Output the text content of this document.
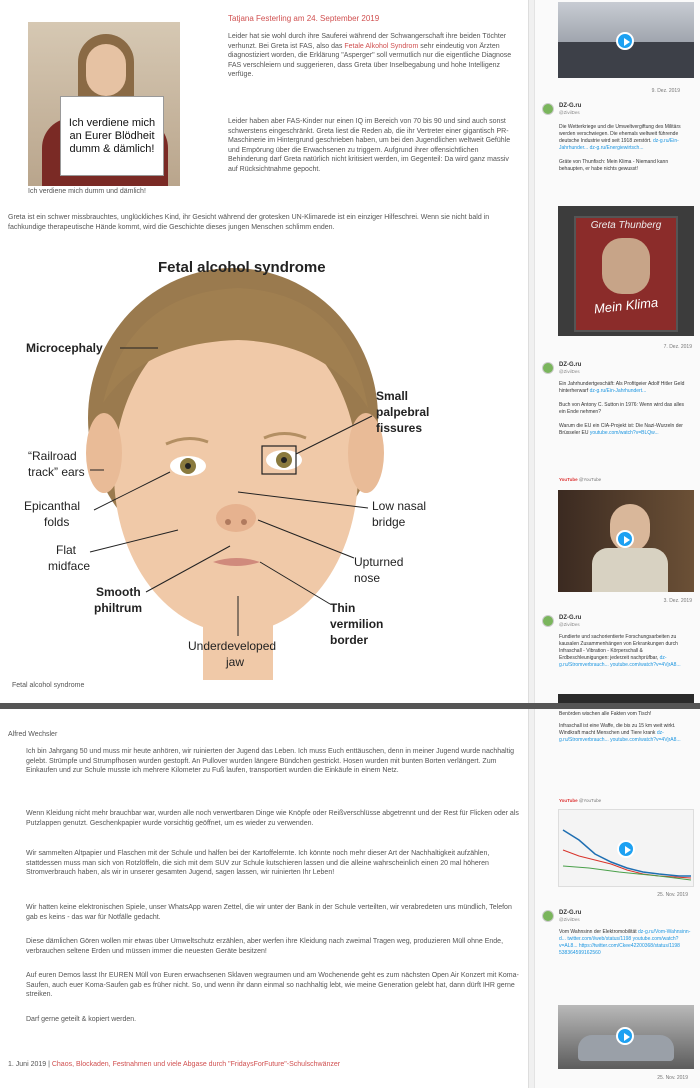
Ich verdiene mich an Eurer Blödheit dumm & dämlich!
Ich verdiene mich dumm und dämlich!
Tatjana Festerling am 24. September 2019
Leider hat sie wohl durch ihre Sauferei während der Schwangerschaft ihre beiden Töchter verhunzt. Bei Greta ist FAS, also das Fetale Alkohol Syndrom sehr eindeutig von Ärzten diagnostiziert worden, die Erklärung "Asperger" soll vermutlich nur die eigentliche Diagnose FAS verschleiern und suggerieren, dass Greta über Inselbegabung und hohe Intelligenz verfüge.
Leider haben aber FAS-Kinder nur einen IQ im Bereich von 70 bis 90 und sind auch sonst schwerstens eingeschränkt. Greta liest die Reden ab, die ihr Vertreter einer gigantisch PR-Maschinerie im Hintergrund geschrieben haben, um bei den Jugendlichen weltweit Gefühle und Empörung über die Erwachsenen zu triggern. Aufgrund ihrer offensichtlichen Behinderung darf Greta natürlich nicht kritisiert werden, im Gegenteil: Da wird ganz massiv auf Rücksichtnahme gepocht.
Greta ist ein schwer missbrauchtes, unglückliches Kind, ihr Gesicht während der grotesken UN-Klimarede ist ein einziger Hilfeschrei. Wenn sie nicht bald in fachkundige therapeutische Hände kommt, wird die Geschichte dieses jungen Menschen schlimm enden.
Fetal alcohol syndrome
Microcephaly
Small
palpebral
fissures
“Railroad
track” ears
Epicanthal
folds
Low nasal
bridge
Flat
midface	Upturned
nose
Smooth
philtrum	Thin
vermilion
border
Underdeveloped
jaw
Fetal alcohol syndrome
9. Dez. 2019
DZ-G.ru
@ZivilDes
Die Wetterkriege und die Umweltvergiftung des Militärs werden verschwiegen. Die ehemals weltweit führende deutsche Industrie wird seit 1918 zerstört. dz-g.ru/Ein-Jahrhunder... dz-g.ru/Energiewirtsch...

Gräte von Thunfisch: Mein Klima - Niemand kann behaupten, er habe nichts gewusst!
Greta Thunberg
Mein Klima
7. Dez. 2019
DZ-G.ru
@ZivilDes
Ein Jahrhundertgeschäft: Als Profitgeier Adolf Hitler Geld hinterherwarf dz-g.ru/Ein-Jahrhundert...

Buch von Antony C. Sutton in 1976: Wenn wird das alles ein Ende nehmen?

Warum die EU ein CIA-Projekt ist: Die Nazi-Wurzeln der Brüsseler EU youtube.com/watch?v=BLQw...
YouTube @YouTube
3. Dez. 2019
DZ-G.ru
@ZivilDes
Fundierte und sachorientierte Forschungsarbeiten zu kausalen Zusammenhängen von Erkrankungen durch Infraschall - Vibration - Körperschall & Erdbeschleunigungen: jederzeit nachprüfbar, dz-g.ru/Stromverbrauch... youtube.com/watch?v=4VjrA8...
Alfred Wechsler
Ich bin Jahrgang 50 und muss mir heute anhören, wir ruinierten der Jugend das Leben. Ich muss Euch enttäuschen, denn in meiner Jugend wurde nachhaltig gelebt. Strümpfe und Strumpfhosen wurden gestopft. An Pullover wurden längere Bündchen gestrickt. Hosen wurden mit bunten Borten verlängert. Zum Einkaufen und zur Schule musste ich mehrere Kilometer zu Fuß laufen, transportiert wurden die Einkäufe in einem Netz.
Wenn Kleidung nicht mehr brauchbar war, wurden alle noch verwertbaren Dinge wie Knöpfe oder Reißverschlüsse abgetrennt und der Rest für Flicken oder als Putzlappen genutzt. Geschenkpapier wurde vorsichtig geöffnet, um es wieder zu verwenden.
Wir sammelten Altpapier und Flaschen mit der Schule und halfen bei der Kartoffelernte. Ich könnte noch mehr dieser Art der Nachhaltigkeit aufzählen, stattdessen muss man sich von Rotzlöffeln, die sich mit dem SUV zur Schule kutschieren lassen und die alleine wahrscheinlich einen 20 mal höheren Stromverbrauch haben, als wir in unserer gesamten Jugend, sagen lassen, wir ruinierten Ihr Leben!
Wir hatten keine elektronischen Spiele, unser WhatsApp waren Zettel, die wir unter der Bank in der Schule verteilten, wir verabredeten uns mündlich, Telefon gab es keins - das war für Notfälle gedacht.
Diese dämlichen Gören wollen mir etwas über Umweltschutz erzählen, aber werfen ihre Kleidung nach zweimal Tragen weg, produzieren Müll ohne Ende, verbrauchen seltene Erden und müssen immer die neuesten Geräte besitzen!
Auf euren Demos lasst Ihr EUREN Müll von Euren erwachsenen Sklaven wegraumen und am Wochenende geht es zum nächsten Open Air Konzert mit Koma-Saufen, auch euer Koma-Saufen gab es früher nicht. So, und wenn ihr dann einmal so nachhaltig lebt, wie meine Generation gelebt hat, dann dürft IHR gerne streiken.
Darf gerne geteilt & kopiert werden.
1. Juni 2019 | Chaos, Blockaden, Festnahmen und viele Abgase durch "FridaysForFuture"-Schulschwänzer
Benörden wischen alle Fakten vom Tisch!
Infraschall ist eine Waffe, die bis zu 15 km weit wirkt. Windkraft macht Menschen und Tiere krank dz-g.ru/Stromverbrauch... youtube.com/watch?v=4VjrA8...
YouTube @YouTube
25. Nov. 2019
DZ-G.ru
@ZivilDes
Vom Wahnsinn der Elektromobilität dz-g.ru/Vom-Wahnsinn-d... twitter.com/i/web/status/1198 youtube.com/watch?v=AL8... https://twitter.com/Ckee42200368/status/1198 538364599162560
25. Nov. 2019
